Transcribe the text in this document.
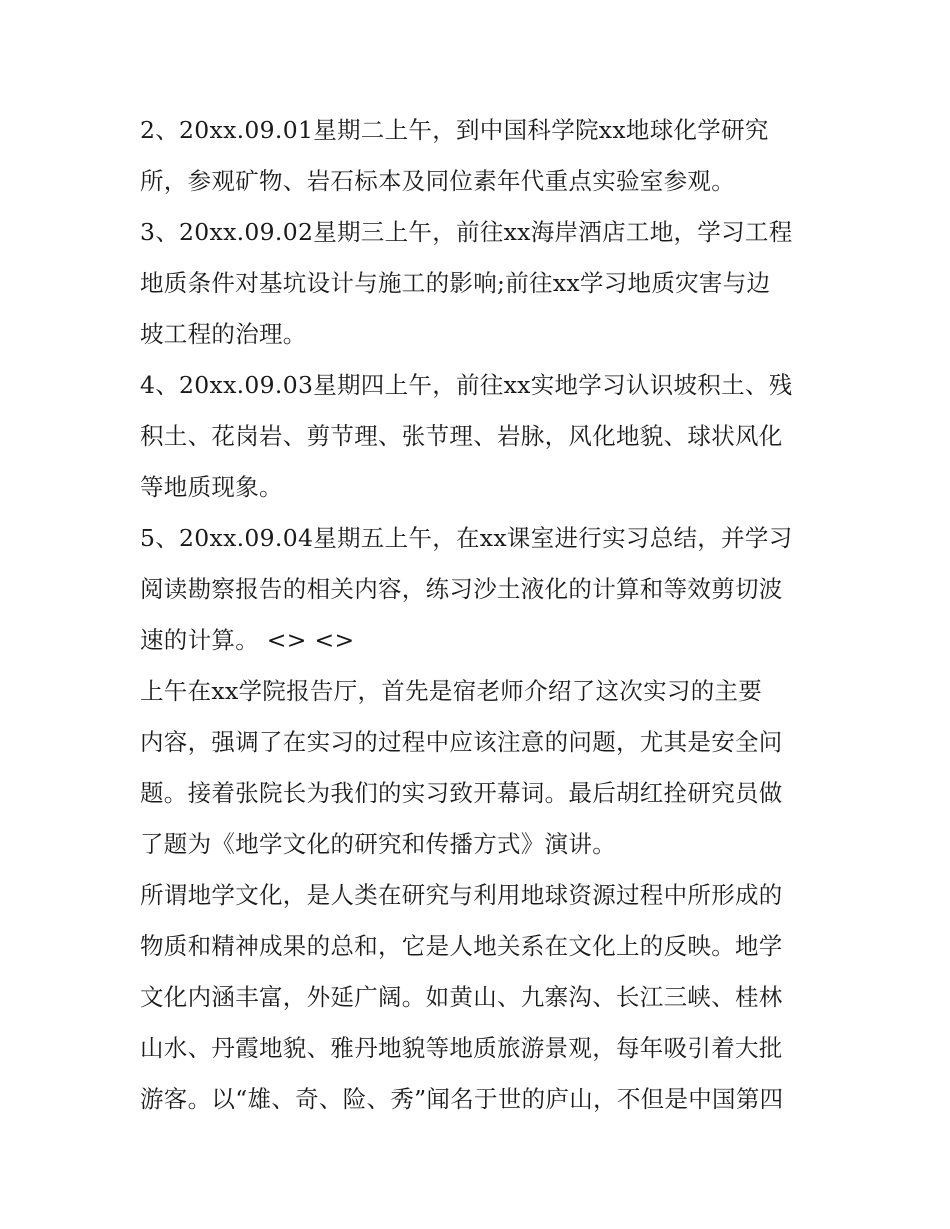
2、20xx.09.01星期二上午，到中国科学院xx地球化学研究
所，参观矿物、岩石标本及同位素年代重点实验室参观。
3、20xx.09.02星期三上午，前往xx海岸酒店工地，学习工程
地质条件对基坑设计与施工的影响;前往xx学习地质灾害与边
坡工程的治理。
4、20xx.09.03星期四上午，前往xx实地学习认识坡积土、残
积土、花岗岩、剪节理、张节理、岩脉，风化地貌、球状风化
等地质现象。
5、20xx.09.04星期五上午，在xx课室进行实习总结，并学习
阅读勘察报告的相关内容，练习沙土液化的计算和等效剪切波
速的计算。 <> <>
上午在xx学院报告厅，首先是宿老师介绍了这次实习的主要
内容，强调了在实习的过程中应该注意的问题，尤其是安全问
题。接着张院长为我们的实习致开幕词。最后胡红拴研究员做
了题为《地学文化的研究和传播方式》演讲。
所谓地学文化，是人类在研究与利用地球资源过程中所形成的
物质和精神成果的总和，它是人地关系在文化上的反映。地学
文化内涵丰富，外延广阔。如黄山、九寨沟、长江三峡、桂林
山水、丹霞地貌、雅丹地貌等地质旅游景观，每年吸引着大批
游客。以“雄、奇、险、秀”闻名于世的庐山，不但是中国第四
